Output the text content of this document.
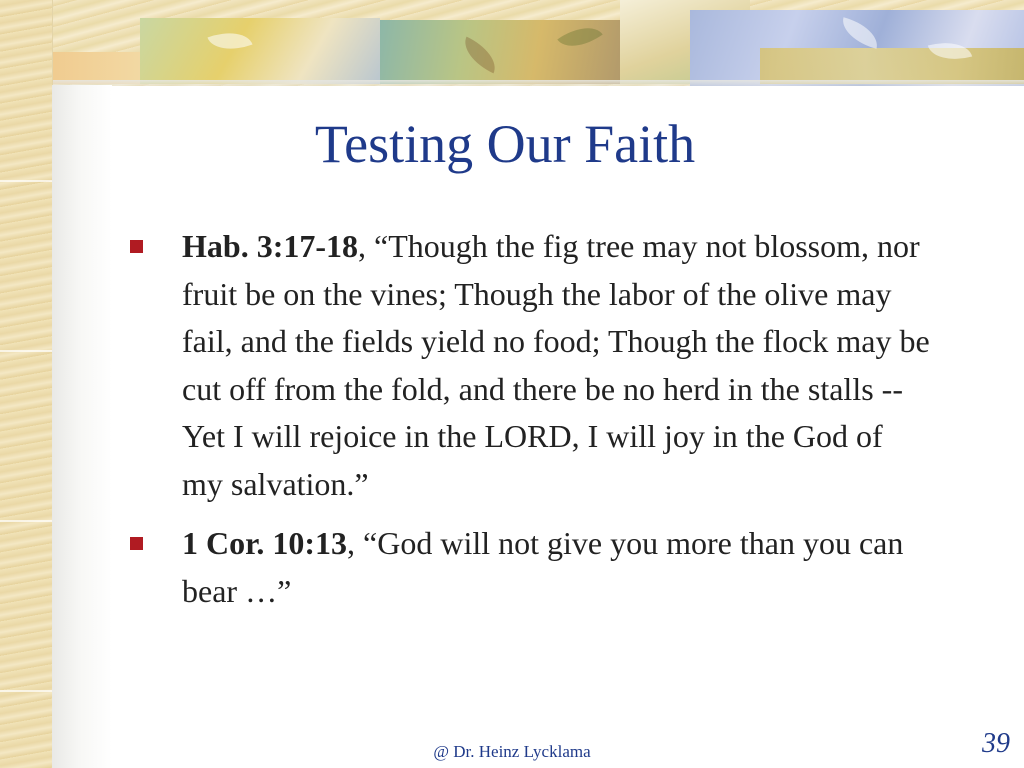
Testing Our Faith
Hab. 3:17-18, “Though the fig tree may not blossom, nor fruit be on the vines; Though the labor of the olive may fail, and the fields yield no food; Though the flock may be cut off from the fold, and there be no herd in the stalls -- Yet I will rejoice in the LORD, I will joy in the God of my salvation.”
1 Cor. 10:13, “God will not give you more than you can bear …”
@ Dr. Heinz Lycklama	39
